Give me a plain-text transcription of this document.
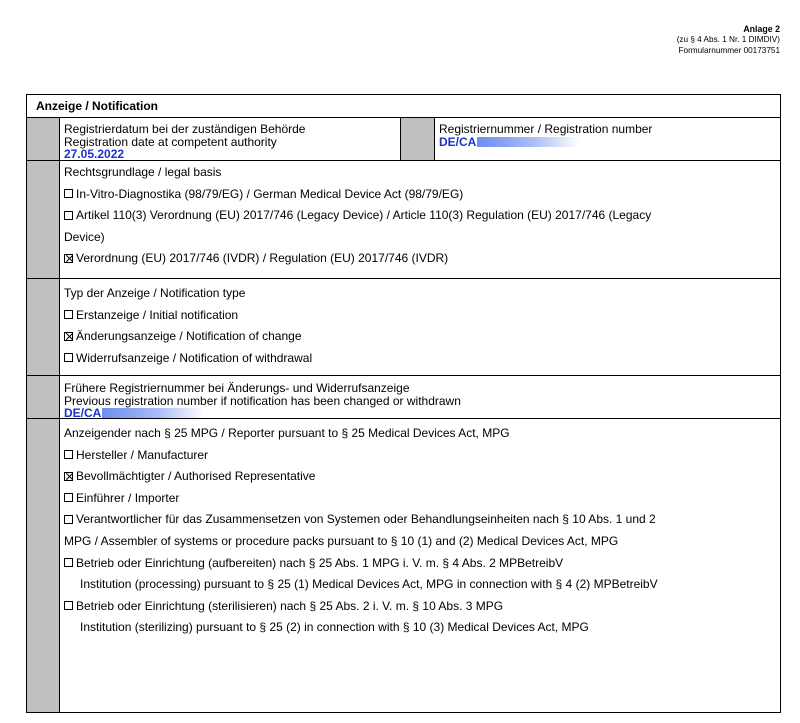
Anlage 2
(zu § 4 Abs. 1 Nr. 1 DIMDIV)
Formularnummer 00173751
Anzeige / Notification
Registrierdatum bei der zuständigen Behörde
Registration date at competent authority
27.05.2022
Registriernummer / Registration number
DE/CA
Rechtsgrundlage / legal basis
In-Vitro-Diagnostika (98/79/EG) / German Medical Device Act (98/79/EG)
Artikel 110(3) Verordnung (EU) 2017/746 (Legacy Device) / Article 110(3) Regulation (EU) 2017/746 (Legacy
Device)
Verordnung (EU) 2017/746 (IVDR) / Regulation (EU) 2017/746 (IVDR)
Typ der Anzeige / Notification type
Erstanzeige / Initial notification
Änderungsanzeige / Notification of change
Widerrufsanzeige / Notification of withdrawal
Frühere Registriernummer bei Änderungs- und Widerrufsanzeige
Previous registration number if notification has been changed or withdrawn
DE/CA
Anzeigender nach § 25 MPG / Reporter pursuant to § 25 Medical Devices Act, MPG
Hersteller / Manufacturer
Bevollmächtigter / Authorised Representative
Einführer / Importer
Verantwortlicher für das Zusammensetzen von Systemen oder Behandlungseinheiten nach § 10 Abs. 1 und 2
MPG / Assembler of systems or procedure packs pursuant to § 10 (1) and (2) Medical Devices Act, MPG
Betrieb oder Einrichtung (aufbereiten) nach § 25 Abs. 1 MPG i. V. m. § 4 Abs. 2 MPBetreibV
Institution (processing) pursuant to § 25 (1) Medical Devices Act, MPG in connection with § 4 (2) MPBetreibV
Betrieb oder Einrichtung (sterilisieren) nach § 25 Abs. 2 i. V. m. § 10 Abs. 3 MPG
Institution (sterilizing) pursuant to § 25 (2) in connection with § 10 (3) Medical Devices Act, MPG
